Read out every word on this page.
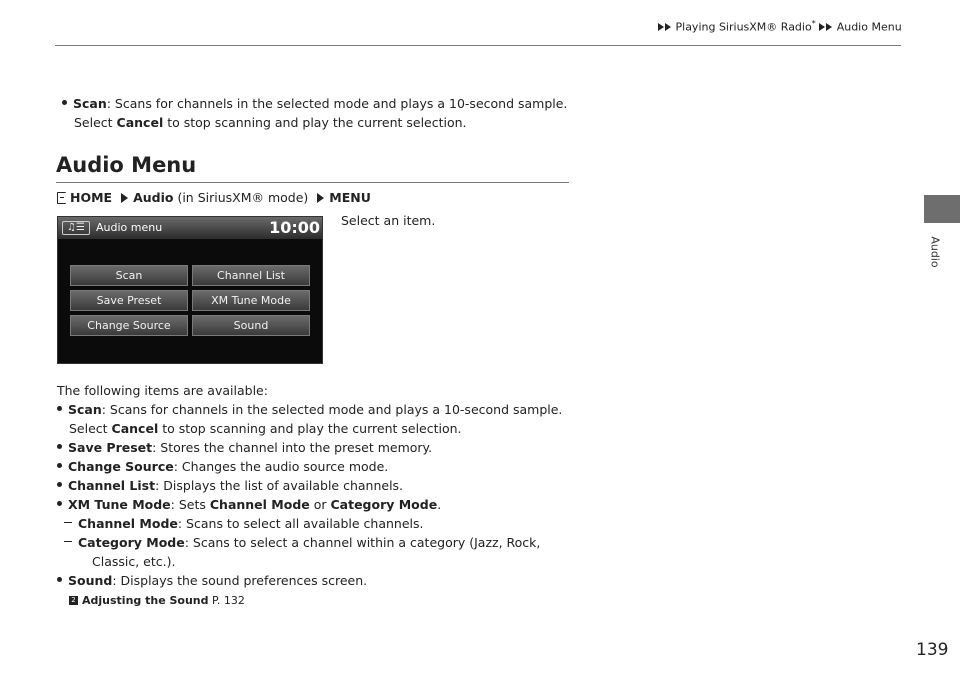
Playing SiriusXM® Radio* Audio Menu
Audio
Scan: Scans for channels in the selected mode and plays a 10-second sample.
Select Cancel to stop scanning and play the current selection.
Audio Menu
HOME Audio (in SiriusXM® mode) MENU
♫☰	Audio menu	10:00
Scan	Channel List
Save Preset	XM Tune Mode
Change Source	Sound
Select an item.
The following items are available:
Scan: Scans for channels in the selected mode and plays a 10-second sample.
Select Cancel to stop scanning and play the current selection.
Save Preset: Stores the channel into the preset memory.
Change Source: Changes the audio source mode.
Channel List: Displays the list of available channels.
XM Tune Mode: Sets Channel Mode or Category Mode.
Channel Mode: Scans to select all available channels.
Category Mode: Scans to select a channel within a category (Jazz, Rock,
Classic, etc.).
Sound: Displays the sound preferences screen.
2 Adjusting the Sound P. 132
139
